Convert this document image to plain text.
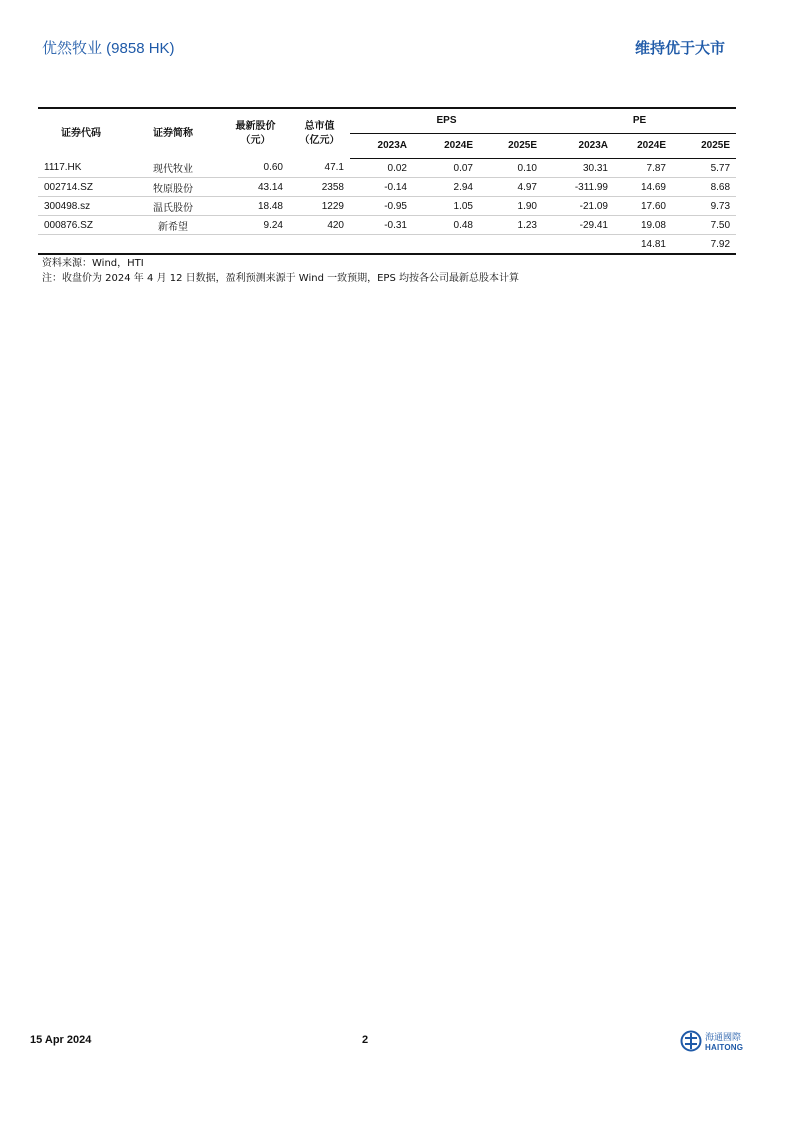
优然牧业 (9858 HK)	维持优于大市
证券代码	证券简称	最新股价（元）	总市值（亿元）	EPS			PE		
				2023A	2024E	2025E	2023A	2024E	2025E
1117.HK	现代牧业	0.60	47.1	0.02	0.07	0.10	30.31	7.87	5.77
002714.SZ	牧原股份	43.14	2358	-0.14	2.94	4.97	-311.99	14.69	8.68
300498.sz	温氏股份	18.48	1229	-0.95	1.05	1.90	-21.09	17.60	9.73
000876.SZ	新希望	9.24	420	-0.31	0.48	1.23	-29.41	19.08	7.50
								14.81	7.92
资料来源：Wind，HTI
注：收盘价为 2024 年 4 月 12 日数据，盈利预测来源于 Wind 一致预期，EPS 均按各公司最新总股本计算
15 Apr 2024	2	海通國際
HAITONG
